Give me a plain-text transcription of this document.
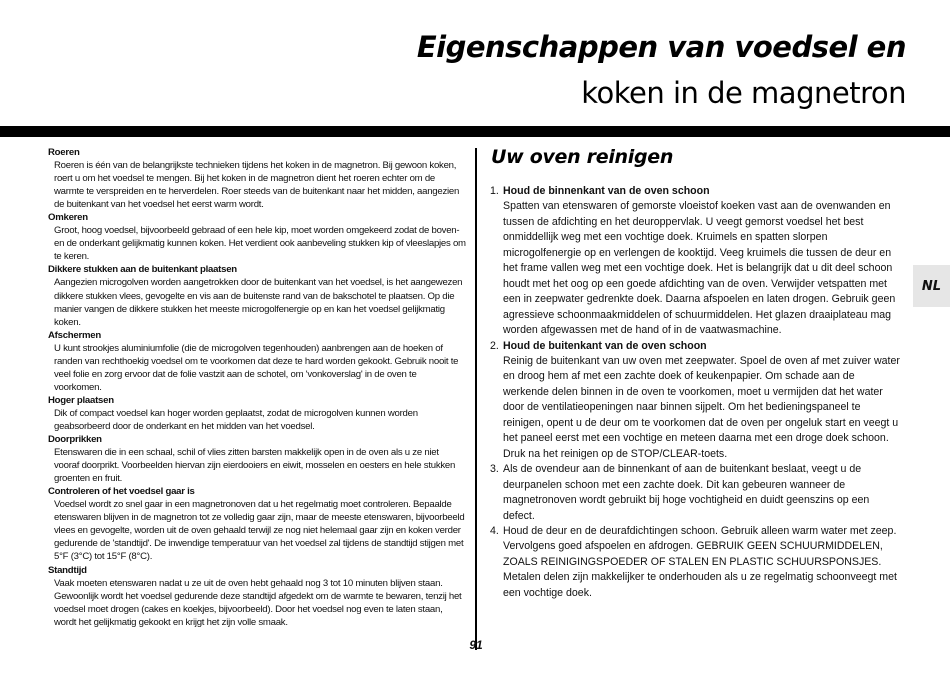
Eigenschappen van voedsel en
koken in de magnetron
Roeren
Roeren is één van de belangrijkste technieken tijdens het koken in de magnetron. Bij gewoon koken, roert u om het voedsel te mengen. Bij het koken in de magnetron dient het roeren echter om de warmte te verspreiden en te herverdelen. Roer steeds van de buitenkant naar het midden, aangezien de buitenkant van het voedsel het eerst warm wordt.
Omkeren
Groot, hoog voedsel, bijvoorbeeld gebraad of een hele kip, moet worden omgekeerd zodat de boven- en de onderkant gelijkmatig kunnen koken. Het verdient ook aanbeveling stukken kip of vleeslapjes om te keren.
Dikkere stukken aan de buitenkant plaatsen
Aangezien microgolven worden aangetrokken door de buitenkant van het voedsel, is het aangewezen dikkere stukken vlees, gevogelte en vis aan de buitenste rand van de bakschotel te plaatsen. Op die manier vangen de dikkere stukken het meeste microgolfenergie op en kan het voedsel gelijkmatig koken.
Afschermen
U kunt strookjes aluminiumfolie (die de microgolven tegenhouden) aanbrengen aan de hoeken of randen van rechthoekig voedsel om te voorkomen dat deze te hard worden gekookt. Gebruik nooit te veel folie en zorg ervoor dat de folie vastzit aan de schotel, om 'vonkoverslag' in de oven te voorkomen.
Hoger plaatsen
Dik of compact voedsel kan hoger worden geplaatst, zodat de microgolven kunnen worden geabsorbeerd door de onderkant en het midden van het voedsel.
Doorprikken
Etenswaren die in een schaal, schil of vlies zitten barsten makkelijk open in de oven als u ze niet vooraf doorprikt. Voorbeelden hiervan zijn eierdooiers en eiwit, mosselen en oesters en hele stukken groenten en fruit.
Controleren of het voedsel gaar is
Voedsel wordt zo snel gaar in een magnetronoven dat u het regelmatig moet controleren. Bepaalde etenswaren blijven in de magnetron tot ze volledig gaar zijn, maar de meeste etenswaren, bijvoorbeeld vlees en gevogelte, worden uit de oven gehaald terwijl ze nog niet helemaal gaar zijn en koken verder gedurende de 'standtijd'. De inwendige temperatuur van het voedsel zal tijdens de standtijd stijgen met 5°F (3°C) tot 15°F (8°C).
Standtijd
Vaak moeten etenswaren nadat u ze uit de oven hebt gehaald nog 3 tot 10 minuten blijven staan. Gewoonlijk wordt het voedsel gedurende deze standtijd afgedekt om de warmte te bewaren, tenzij het voedsel moet drogen (cakes en koekjes, bijvoorbeeld). Door het voedsel nog even te laten staan, wordt het gelijkmatig gekookt en krijgt het zijn volle smaak.
91
Uw oven reinigen
1. Houd de binnenkant van de oven schoon
Spatten van etenswaren of gemorste vloeistof koeken vast aan de ovenwanden en tussen de afdichting en het deuroppervlak. U veegt gemorst voedsel het best onmiddellijk weg met een vochtige doek. Kruimels en spatten slorpen microgolfenergie op en verlengen de kooktijd. Veeg kruimels die tussen de deur en het frame vallen weg met een vochtige doek. Het is belangrijk dat u dit deel schoon houdt met het oog op een goede afdichting van de oven. Verwijder vetspatten met een in zeepwater gedrenkte doek. Daarna afspoelen en laten drogen. Gebruik geen agressieve schoonmaakmiddelen of schuurmiddelen. Het glazen draaiplateau mag worden afgewassen met de hand of in de vaatwasmachine.
2. Houd de buitenkant van de oven schoon
Reinig de buitenkant van uw oven met zeepwater. Spoel de oven af met zuiver water en droog hem af met een zachte doek of keukenpapier. Om schade aan de werkende delen binnen in de oven te voorkomen, moet u vermijden dat het water door de ventilatieopeningen naar binnen sijpelt. Om het bedieningspaneel te reinigen, opent u de deur om te voorkomen dat de oven per ongeluk start en veegt u het paneel eerst met een vochtige en meteen daarna met een droge doek schoon. Druk na het reinigen op de STOP/CLEAR-toets.
3. Als de ovendeur aan de binnenkant of aan de buitenkant beslaat, veegt u de deurpanelen schoon met een zachte doek. Dit kan gebeuren wanneer de magnetronoven wordt gebruikt bij hoge vochtigheid en duidt geenszins op een defect.
4. Houd de deur en de deurafdichtingen schoon. Gebruik alleen warm water met zeep. Vervolgens goed afspoelen en afdrogen. GEBRUIK GEEN SCHUURMIDDELEN, ZOALS REINIGINGSPOEDER OF STALEN EN PLASTIC SCHUURSPONSJES. Metalen delen zijn makkelijker te onderhouden als u ze regelmatig schoonveegt met een vochtige doek.
NL
